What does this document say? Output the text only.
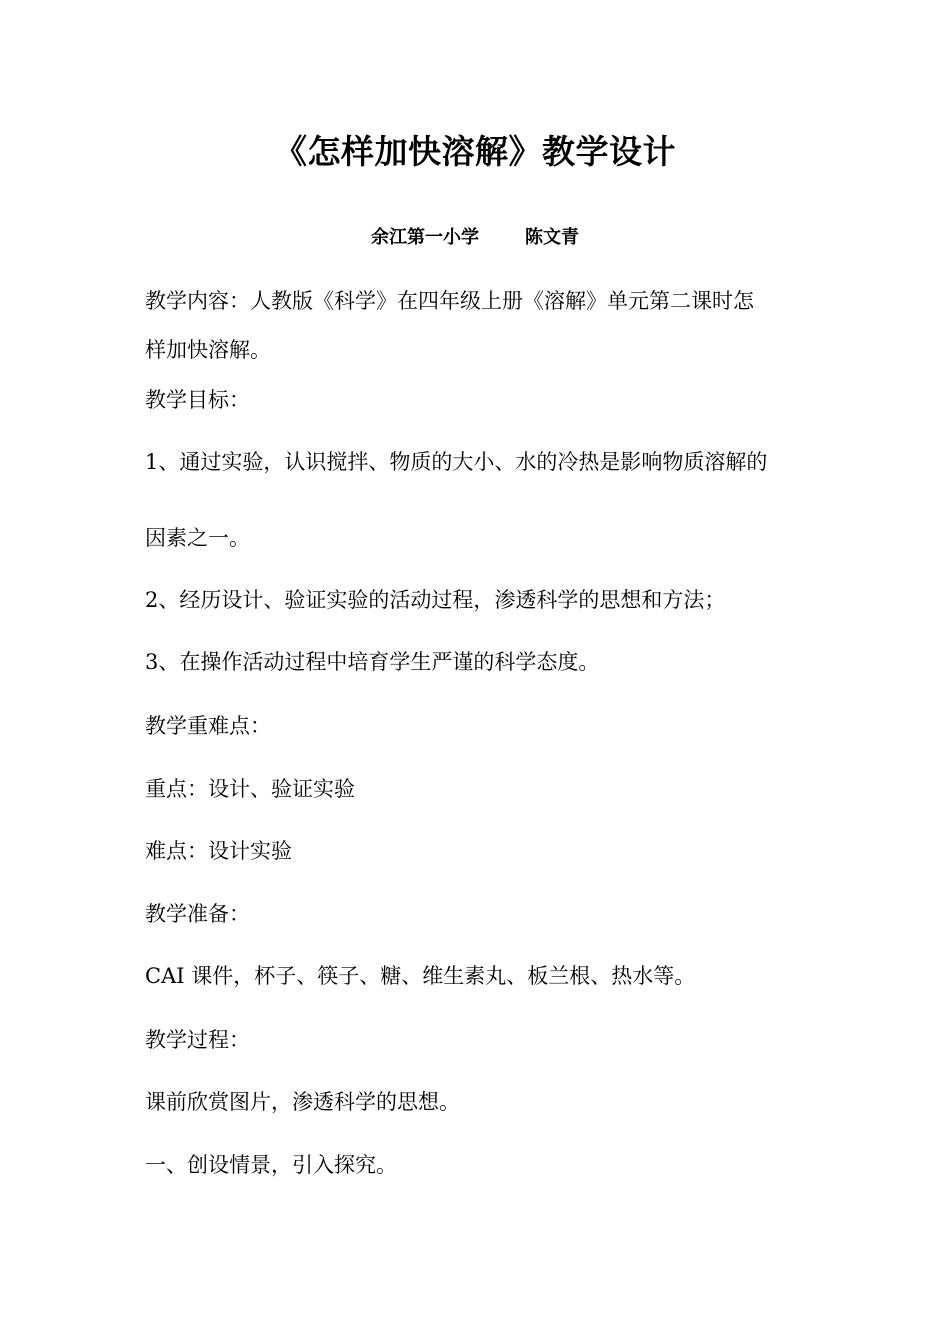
《怎样加快溶解》教学设计
余江第一小学	陈文青
教学内容：人教版《科学》在四年级上册《溶解》单元第二课时怎
样加快溶解。
教学目标：
1、通过实验，认识搅拌、物质的大小、水的冷热是影响物质溶解的
因素之一。
2、经历设计、验证实验的活动过程，渗透科学的思想和方法；
3、在操作活动过程中培育学生严谨的科学态度。
教学重难点：
重点：设计、验证实验
难点：设计实验
教学准备：
CAI 课件，杯子、筷子、糖、维生素丸、板兰根、热水等。
教学过程：
课前欣赏图片，渗透科学的思想。
一、创设情景，引入探究。
